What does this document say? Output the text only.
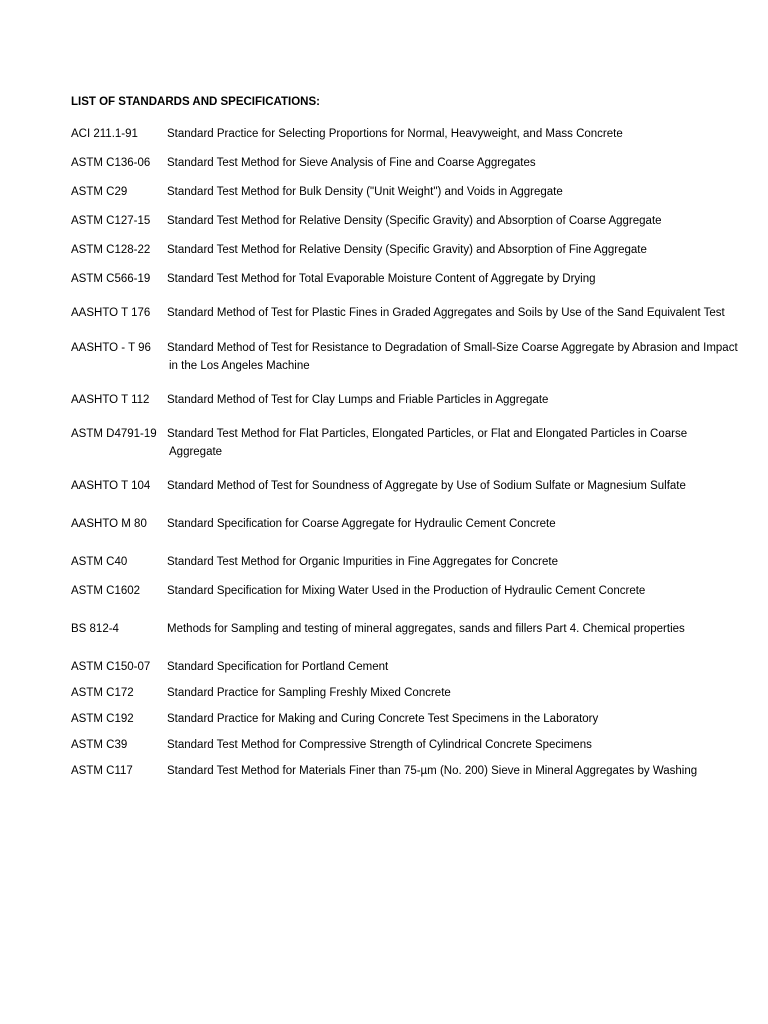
LIST OF STANDARDS AND SPECIFICATIONS:
ACI 211.1-91	Standard Practice for Selecting Proportions for Normal, Heavyweight, and Mass Concrete
ASTM C136-06	Standard Test Method for Sieve Analysis of Fine and Coarse Aggregates
ASTM C29	Standard Test Method for Bulk Density ("Unit Weight") and Voids in Aggregate
ASTM C127-15	Standard Test Method for Relative Density (Specific Gravity) and Absorption of Coarse Aggregate
ASTM C128-22	Standard Test Method for Relative Density (Specific Gravity) and Absorption of Fine Aggregate
ASTM C566-19	Standard Test Method for Total Evaporable Moisture Content of Aggregate by Drying
AASHTO T 176	Standard Method of Test for Plastic Fines in Graded Aggregates and Soils by Use of the Sand Equivalent Test
AASHTO - T 96	Standard Method of Test for Resistance to Degradation of Small-Size Coarse Aggregate by Abrasion and Impact in the Los Angeles Machine
AASHTO T 112	Standard Method of Test for Clay Lumps and Friable Particles in Aggregate
ASTM D4791-19 Standard Test Method for Flat Particles, Elongated Particles, or Flat and Elongated Particles in Coarse Aggregate
AASHTO T 104	Standard Method of Test for Soundness of Aggregate by Use of Sodium Sulfate or Magnesium Sulfate
AASHTO M 80	Standard Specification for Coarse Aggregate for Hydraulic Cement Concrete
ASTM C40	Standard Test Method for Organic Impurities in Fine Aggregates for Concrete
ASTM C1602	Standard Specification for Mixing Water Used in the Production of Hydraulic Cement Concrete
BS 812-4	Methods for Sampling and testing of mineral aggregates, sands and fillers Part 4. Chemical properties
ASTM C150-07	Standard Specification for Portland Cement
ASTM C172	Standard Practice for Sampling Freshly Mixed Concrete
ASTM C192	Standard Practice for Making and Curing Concrete Test Specimens in the Laboratory
ASTM C39	Standard Test Method for Compressive Strength of Cylindrical Concrete Specimens
ASTM C117	Standard Test Method for Materials Finer than 75-µm (No. 200) Sieve in Mineral Aggregates by Washing
